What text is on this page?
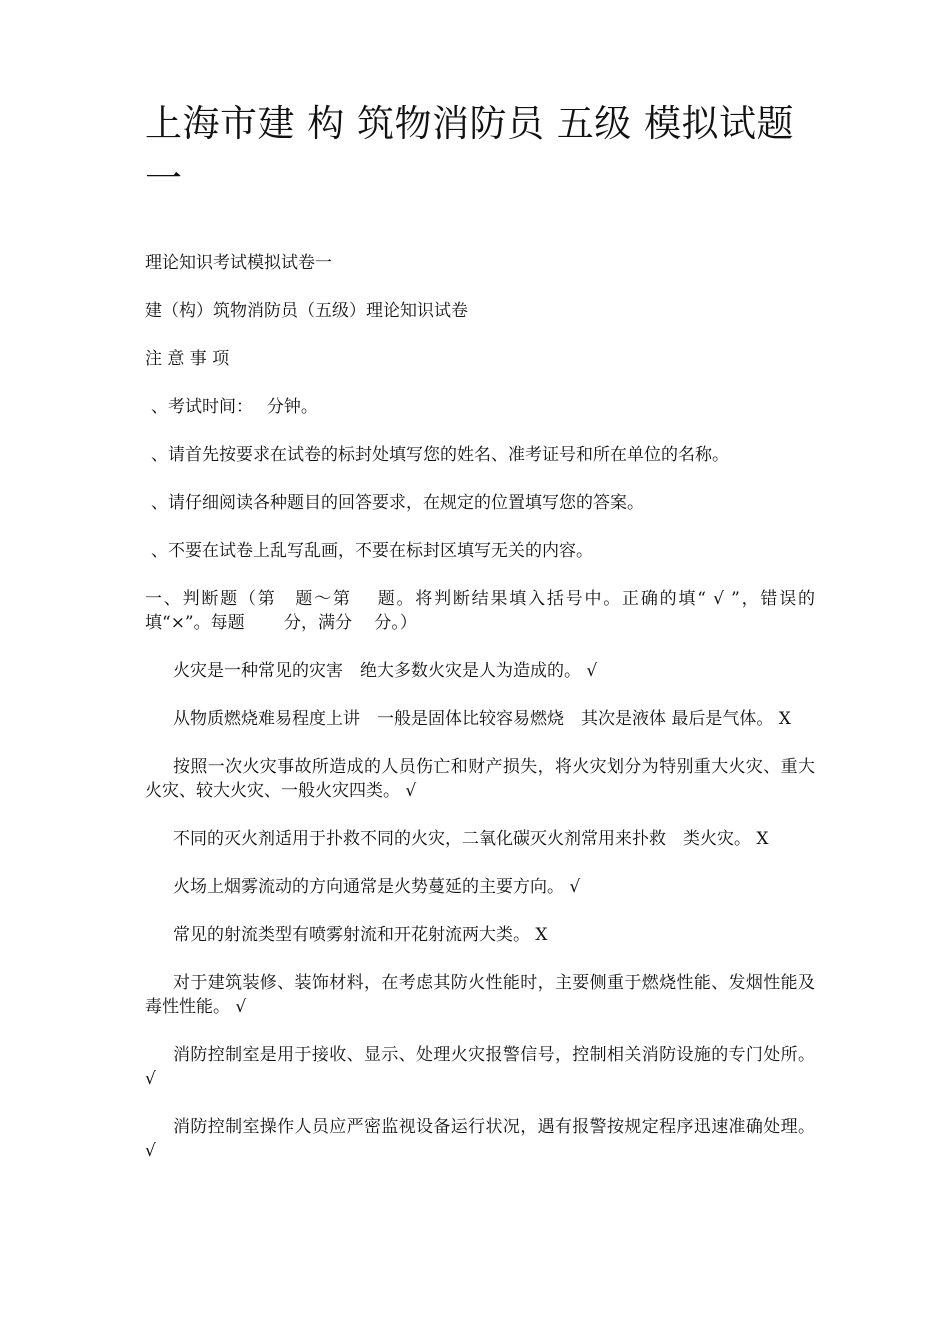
上海市建 构 筑物消防员 五级 模拟试题一

理论知识考试模拟试卷一

建（构）筑物消防员（五级）理论知识试卷

注 意 事 项

、考试时间：　 分钟。

、请首先按要求在试卷的标封处填写您的姓名、准考证号和所在单位的名称。

、请仔细阅读各种题目的回答要求，在规定的位置填写您的答案。

、不要在试卷上乱写乱画，不要在标封区填写无关的内容。

一、判断题（第　题～第　 题。将判断结果填入括号中。正确的填“ √ ”，错误的填“×”。每题　 　分，满分　 分。）

火灾是一种常见的灾害　绝大多数火灾是人为造成的。 √

从物质燃烧难易程度上讲　一般是固体比较容易燃烧　其次是液体 最后是气体。 X

按照一次火灾事故所造成的人员伤亡和财产损失，将火灾划分为特别重大火灾、重大火灾、较大火灾、一般火灾四类。 √

不同的灭火剂适用于扑救不同的火灾，二氧化碳灭火剂常用来扑救　类火灾。 X

火场上烟雾流动的方向通常是火势蔓延的主要方向。 √

常见的射流类型有喷雾射流和开花射流两大类。 X

对于建筑装修、装饰材料，在考虑其防火性能时，主要侧重于燃烧性能、发烟性能及毒性性能。 √

消防控制室是用于接收、显示、处理火灾报警信号，控制相关消防设施的专门处所。 √

消防控制室操作人员应严密监视设备运行状况，遇有报警按规定程序迅速准确处理。 √
